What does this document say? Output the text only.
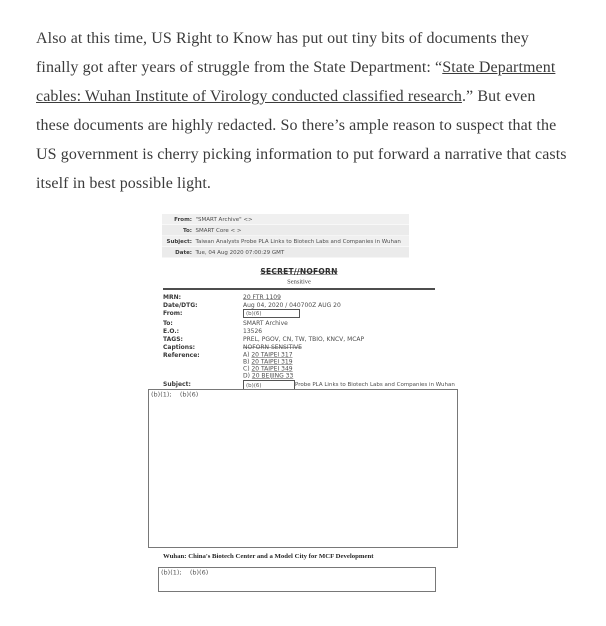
Also at this time, US Right to Know has put out tiny bits of documents they finally got after years of struggle from the State Department: “State Department cables: Wuhan Institute of Virology conducted classified research.” But even these documents are highly redacted. So there’s ample reason to suspect that the US government is cherry picking information to put forward a narrative that casts itself in best possible light.

From: "SMART Archive" <>
To: SMART Core < >
Subject: Taiwan Analysts Probe PLA Links to Biotech Labs and Companies in Wuhan
Date: Tue, 04 Aug 2020 07:00:29 GMT
SECRET//NOFORN
Sensitive
MRN:	20 FTR 1109
Date/DTG:	Aug 04, 2020 / 040700Z AUG 20
From:	(b)(6)
To:	SMART Archive
E.O.:	13526
TAGS:	PREL, PGOV, CN, TW, TBIO, KNCV, MCAP
Captions:	NOFORN SENSITIVE
Reference:	A) 20 TAIPEI 317
B) 20 TAIPEI 319
C) 20 TAIPEI 349
D) 20 BEIJING 33
Subject:	(b)(6)	Probe PLA Links to Biotech Labs and Companies in Wuhan
(b)(1);    (b)(6)
Wuhan: China's Biotech Center and a Model City for MCF Development
(b)(1);    (b)(6)
